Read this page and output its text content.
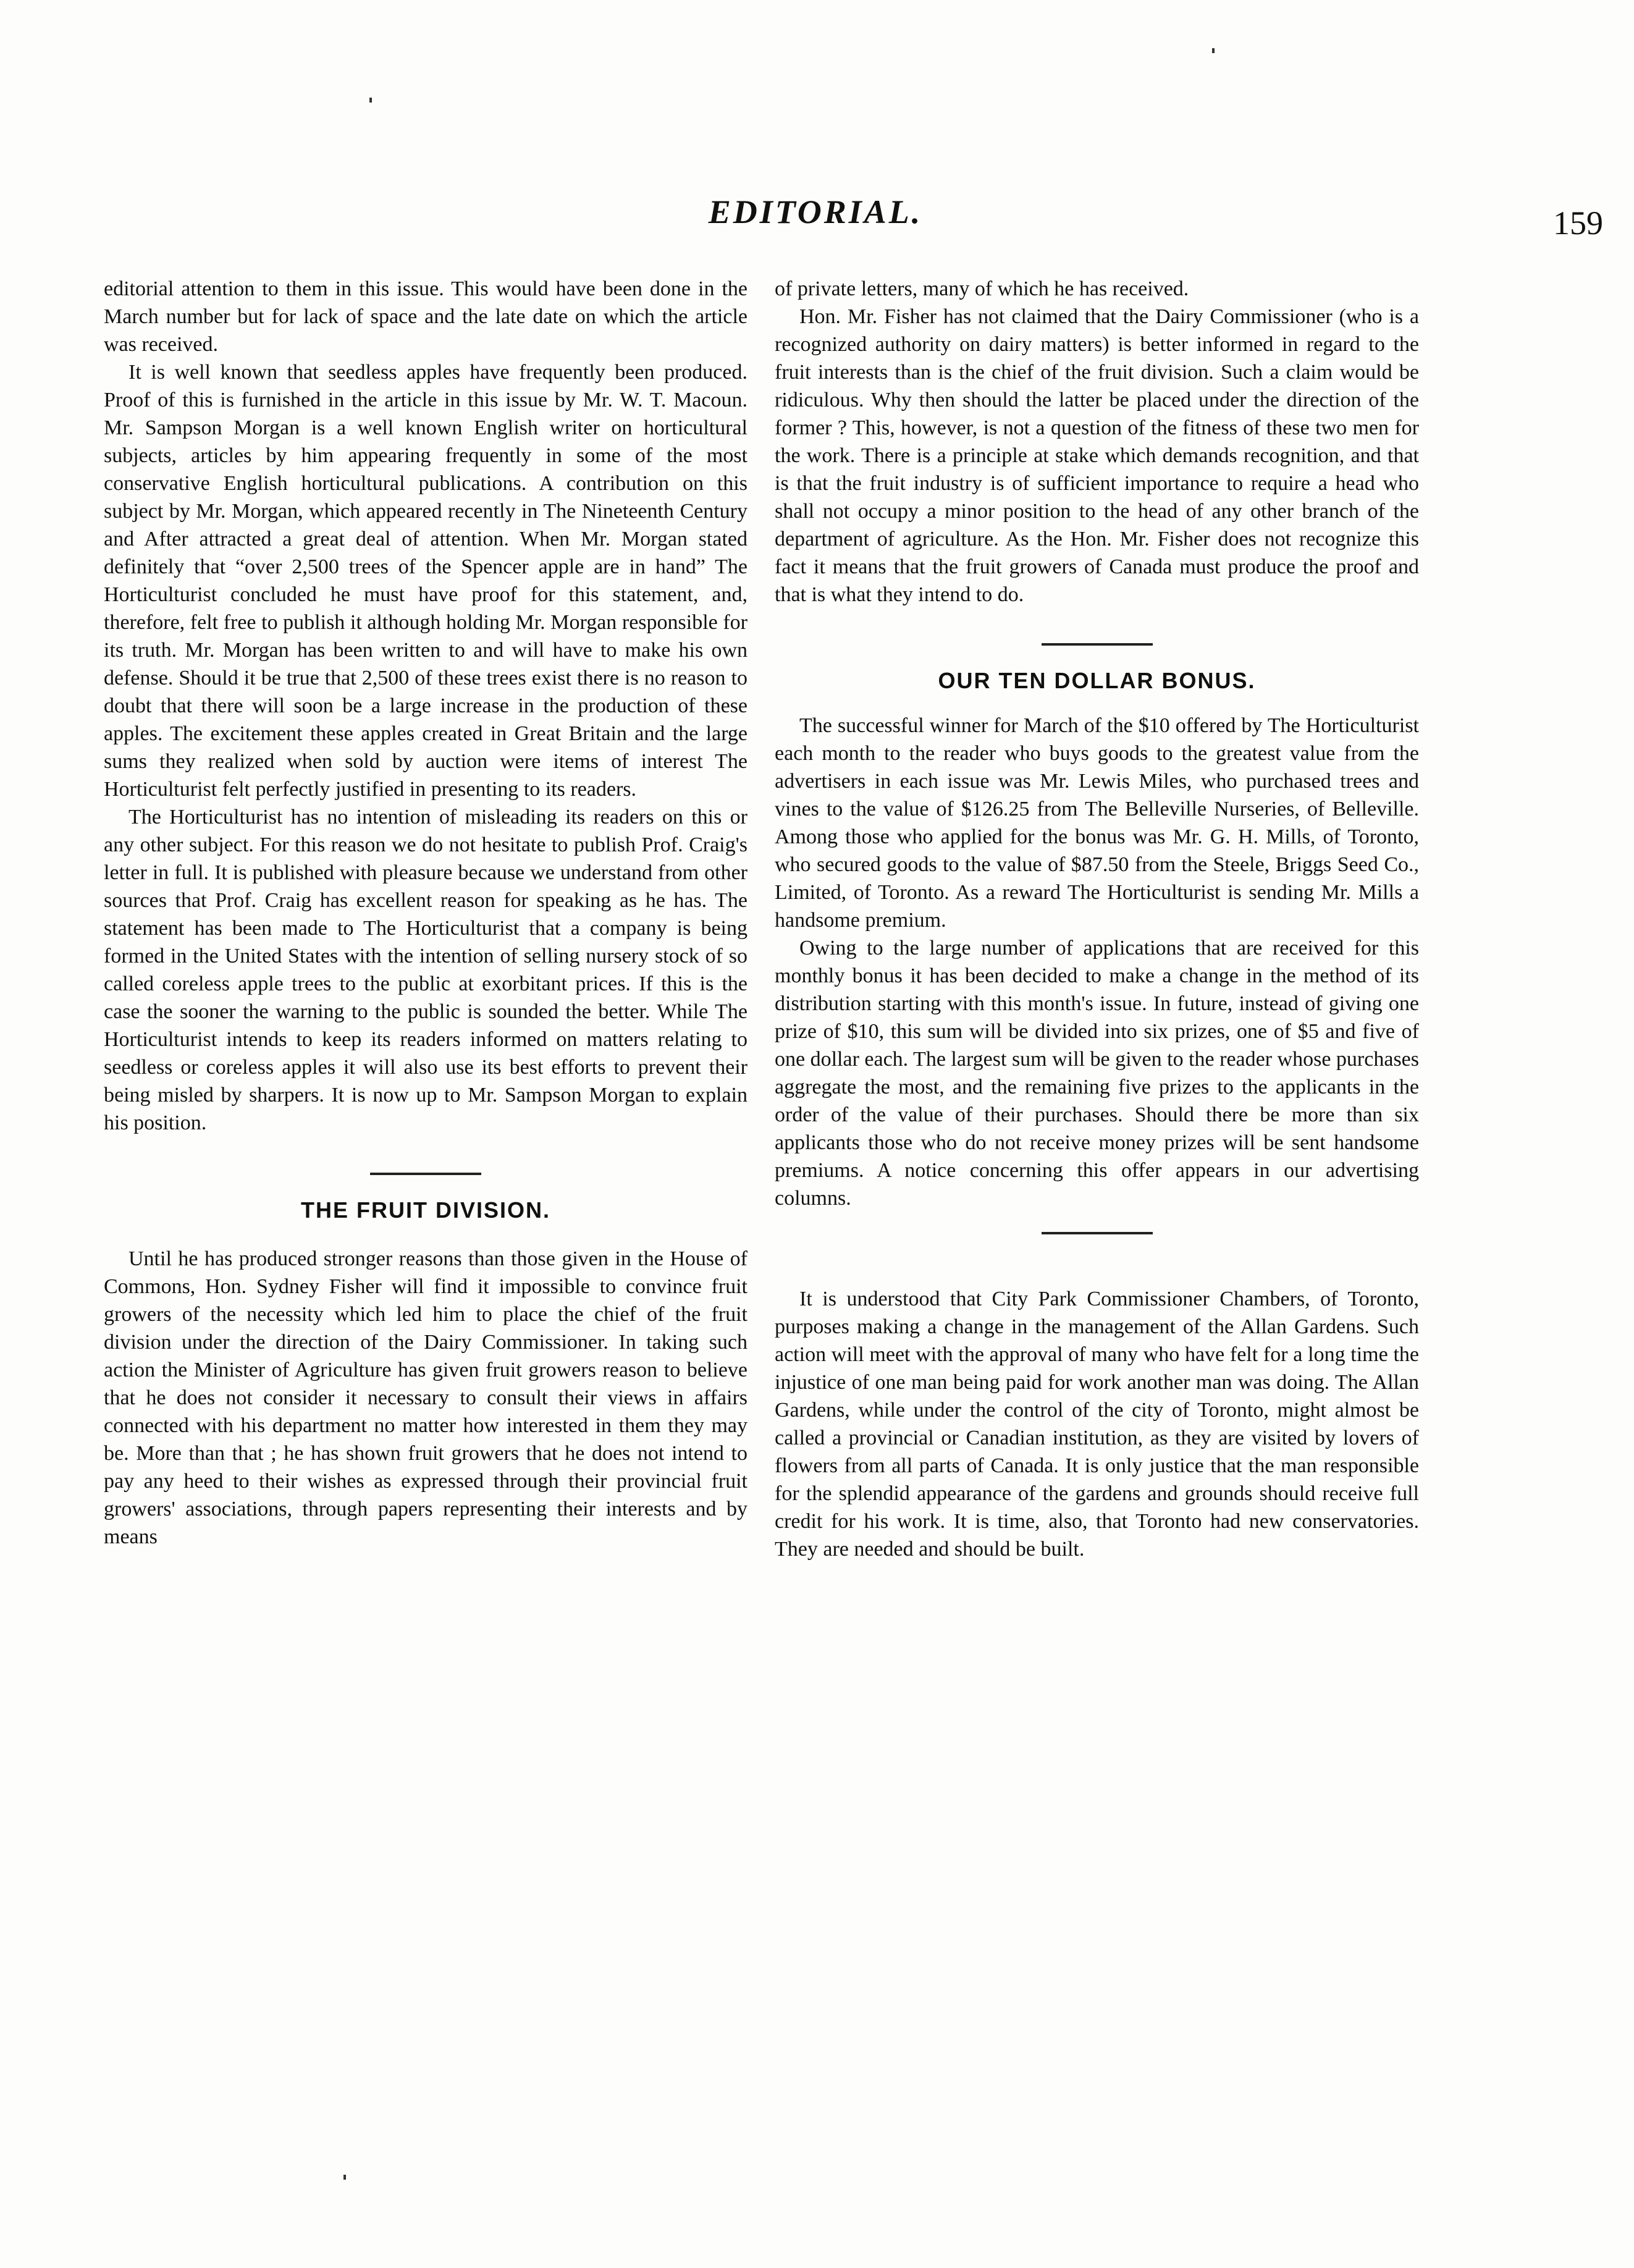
EDITORIAL.	159

editorial attention to them in this issue. This would have been done in the March number but for lack of space and the late date on which the article was received.

It is well known that seedless apples have frequently been produced. Proof of this is furnished in the article in this issue by Mr. W. T. Macoun. Mr. Sampson Morgan is a well known English writer on horticultural subjects, articles by him appearing frequently in some of the most conservative English horticultural publications. A contribution on this subject by Mr. Morgan, which appeared recently in The Nineteenth Century and After attracted a great deal of attention. When Mr. Morgan stated definitely that “over 2,500 trees of the Spencer apple are in hand” The Horticulturist concluded he must have proof for this statement, and, therefore, felt free to publish it although holding Mr. Morgan responsible for its truth. Mr. Morgan has been written to and will have to make his own defense. Should it be true that 2,500 of these trees exist there is no reason to doubt that there will soon be a large increase in the production of these apples. The excitement these apples created in Great Britain and the large sums they realized when sold by auction were items of interest The Horticulturist felt perfectly justified in presenting to its readers.

The Horticulturist has no intention of misleading its readers on this or any other subject. For this reason we do not hesitate to publish Prof. Craig's letter in full. It is published with pleasure because we understand from other sources that Prof. Craig has excellent reason for speaking as he has. The statement has been made to The Horticulturist that a company is being formed in the United States with the intention of selling nursery stock of so called coreless apple trees to the public at exorbitant prices. If this is the case the sooner the warning to the public is sounded the better. While The Horticulturist intends to keep its readers informed on matters relating to seedless or coreless apples it will also use its best efforts to prevent their being misled by sharpers. It is now up to Mr. Sampson Morgan to explain his position.

THE FRUIT DIVISION.

Until he has produced stronger reasons than those given in the House of Commons, Hon. Sydney Fisher will find it impossible to convince fruit growers of the necessity which led him to place the chief of the fruit division under the direction of the Dairy Commissioner. In taking such action the Minister of Agriculture has given fruit growers reason to believe that he does not consider it necessary to consult their views in affairs connected with his department no matter how interested in them they may be. More than that ; he has shown fruit growers that he does not intend to pay any heed to their wishes as expressed through their provincial fruit growers' associations, through papers representing their interests and by means

of private letters, many of which he has received.

Hon. Mr. Fisher has not claimed that the Dairy Commissioner (who is a recognized authority on dairy matters) is better informed in regard to the fruit interests than is the chief of the fruit division. Such a claim would be ridiculous. Why then should the latter be placed under the direction of the former ? This, however, is not a question of the fitness of these two men for the work. There is a principle at stake which demands recognition, and that is that the fruit industry is of sufficient importance to require a head who shall not occupy a minor position to the head of any other branch of the department of agriculture. As the Hon. Mr. Fisher does not recognize this fact it means that the fruit growers of Canada must produce the proof and that is what they intend to do.

OUR TEN DOLLAR BONUS.

The successful winner for March of the $10 offered by The Horticulturist each month to the reader who buys goods to the greatest value from the advertisers in each issue was Mr. Lewis Miles, who purchased trees and vines to the value of $126.25 from The Belleville Nurseries, of Belleville. Among those who applied for the bonus was Mr. G. H. Mills, of Toronto, who secured goods to the value of $87.50 from the Steele, Briggs Seed Co., Limited, of Toronto. As a reward The Horticulturist is sending Mr. Mills a handsome premium.

Owing to the large number of applications that are received for this monthly bonus it has been decided to make a change in the method of its distribution starting with this month's issue. In future, instead of giving one prize of $10, this sum will be divided into six prizes, one of $5 and five of one dollar each. The largest sum will be given to the reader whose purchases aggregate the most, and the remaining five prizes to the applicants in the order of the value of their purchases. Should there be more than six applicants those who do not receive money prizes will be sent handsome premiums. A notice concerning this offer appears in our advertising columns.

It is understood that City Park Commissioner Chambers, of Toronto, purposes making a change in the management of the Allan Gardens. Such action will meet with the approval of many who have felt for a long time the injustice of one man being paid for work another man was doing. The Allan Gardens, while under the control of the city of Toronto, might almost be called a provincial or Canadian institution, as they are visited by lovers of flowers from all parts of Canada. It is only justice that the man responsible for the splendid appearance of the gardens and grounds should receive full credit for his work. It is time, also, that Toronto had new conservatories. They are needed and should be built.
